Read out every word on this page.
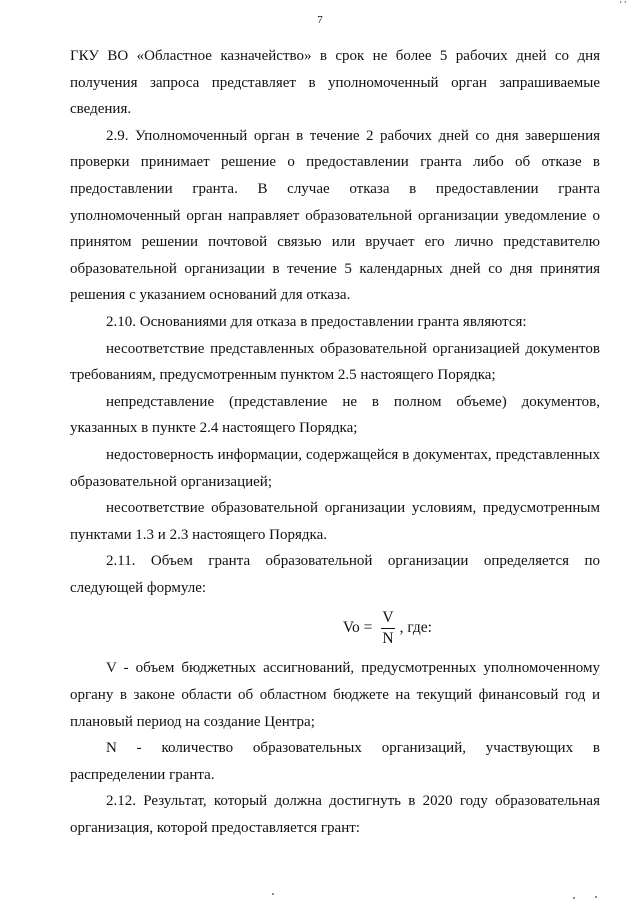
7
' '

ГКУ ВО «Областное казначейство» в срок не более 5 рабочих дней со дня получения запроса представляет в уполномоченный орган запрашиваемые сведения.

2.9. Уполномоченный орган в течение 2 рабочих дней со дня завершения проверки принимает решение о предоставлении гранта либо об отказе в предоставлении гранта. В случае отказа в предоставлении гранта уполномоченный орган направляет образовательной организации уведомление о принятом решении почтовой связью или вручает его лично представителю образовательной организации в течение 5 календарных дней со дня принятия решения с указанием оснований для отказа.

2.10. Основаниями для отказа в предоставлении гранта являются:

несоответствие представленных образовательной организацией документов требованиям, предусмотренным пунктом 2.5 настоящего Порядка;

непредставление (представление не в полном объеме) документов, указанных в пункте 2.4 настоящего Порядка;

недостоверность информации, содержащейся в документах, представленных образовательной организацией;

несоответствие образовательной организации условиям, предусмотренным пунктами 1.3 и 2.3 настоящего Порядка.

2.11. Объем гранта образовательной организации определяется по следующей формуле:

$Vo = \frac{V}{N}$ , где:

V - объем бюджетных ассигнований, предусмотренных уполномоченному органу в законе области об областном бюджете на текущий финансовый год и плановый период на создание Центра;

N - количество образовательных организаций, участвующих в распределении гранта.

2.12. Результат, который должна достигнуть в 2020 году образовательная организация, которой предоставляется грант:
